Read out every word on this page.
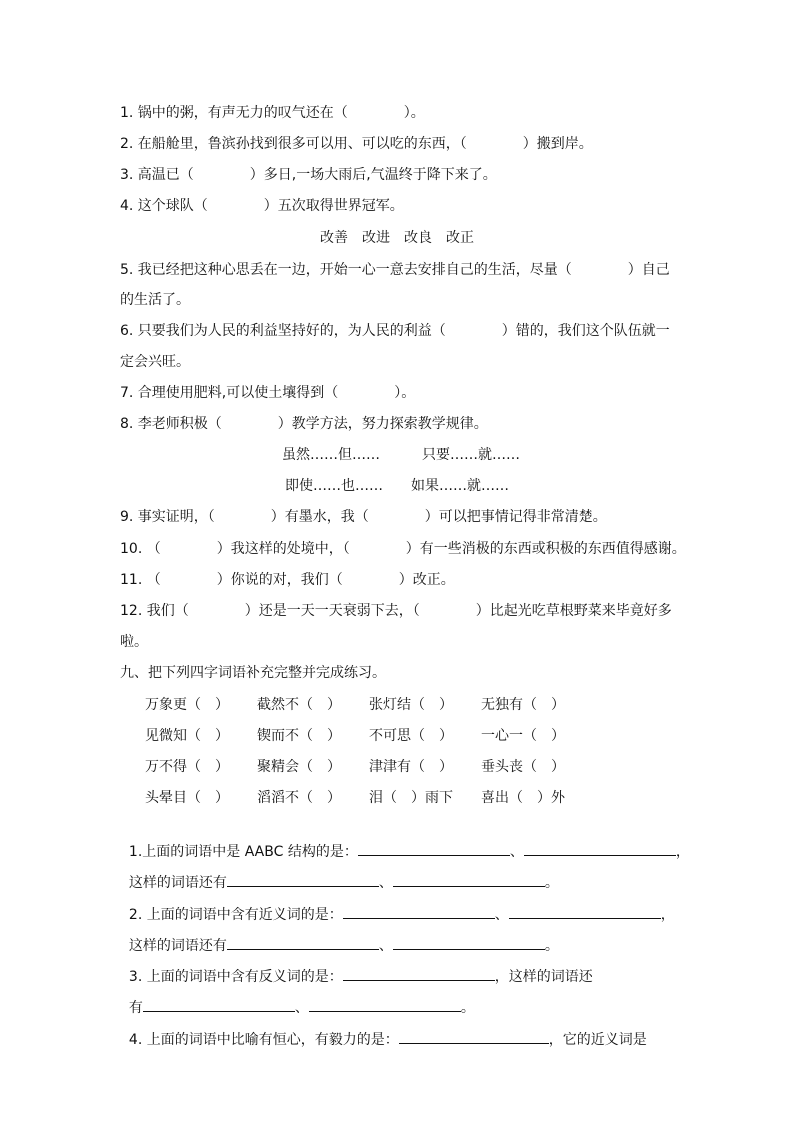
1. 锅中的粥，有声无力的叹气还在（　　　　）。
2. 在船舱里，鲁滨孙找到很多可以用、可以吃的东西，（　　　　）搬到岸。
3. 高温已（　　　　）多日,一场大雨后,气温终于降下来了。
4. 这个球队（　　　　）五次取得世界冠军。
改善　改进　改良　改正
5. 我已经把这种心思丢在一边，开始一心一意去安排自己的生活，尽量（　　　　）自己
的生活了。
6. 只要我们为人民的利益坚持好的，为人民的利益（　　　　）错的，我们这个队伍就一
定会兴旺。
7. 合理使用肥料,可以使土壤得到（　　　　）。
8. 李老师积极（　　　　）教学方法，努力探索教学规律。
虽然……但……　　　只要……就……
即使……也……　　如果……就……
9. 事实证明，（　　　　）有墨水，我（　　　　）可以把事情记得非常清楚。
10. （　　　　）我这样的处境中，（　　　　）有一些消极的东西或积极的东西值得感谢。
11. （　　　　）你说的对，我们（　　　　）改正。
12. 我们（　　　　）还是一天一天衰弱下去，（　　　　）比起光吃草根野菜来毕竟好多
啦。
九、把下列四字词语补充完整并完成练习。
万象更（　） 截然不（　） 张灯结（　） 无独有（　）
见微知（　） 锲而不（　） 不可思（　） 一心一（　）
万不得（　） 聚精会（　） 津津有（　） 垂头丧（　）
头晕目（　） 滔滔不（　） 泪（　）雨下 喜出（　）外

1.上面的词语中是 AABC 结构的是：	、	，

这样的词语还有	、	。

2. 上面的词语中含有近义词的是：	、	，

这样的词语还有	、	。

3. 上面的词语中含有反义词的是：	，这样的词语还

有	、	。

4. 上面的词语中比喻有恒心，有毅力的是：	，它的近义词是
